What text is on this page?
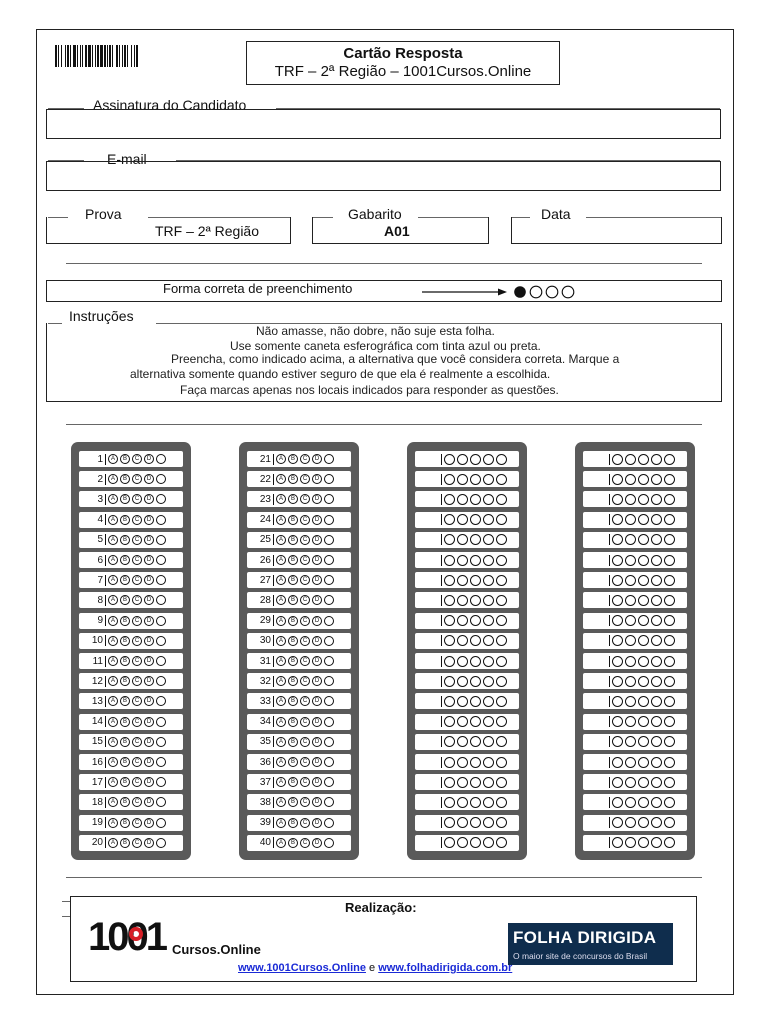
Cartão Resposta
TRF – 2ª Região – 1001Cursos.Online
Assinatura do Candidato
E-mail
Prova
TRF – 2ª Região
Gabarito
A01
Data
Forma correta de preenchimento
Instruções
Não amasse, não dobre, não suje esta folha.
Use somente caneta esferográfica com tinta azul ou preta.
Preencha, como indicado acima, a alternativa que você considera correta. Marque a
alternativa somente quando estiver seguro de que ela é realmente a escolhida.
Faça marcas apenas nos locais indicados para responder as questões.
1	A	B	C	D
2	A	B	C	D
3	A	B	C	D
4	A	B	C	D
5	A	B	C	D
6	A	B	C	D
7	A	B	C	D
8	A	B	C	D
9	A	B	C	D
10	A	B	C	D
11	A	B	C	D
12	A	B	C	D
13	A	B	C	D
14	A	B	C	D
15	A	B	C	D
16	A	B	C	D
17	A	B	C	D
18	A	B	C	D
19	A	B	C	D
20	A	B	C	D
21	A	B	C	D
22	A	B	C	D
23	A	B	C	D
24	A	B	C	D
25	A	B	C	D
26	A	B	C	D
27	A	B	C	D
28	A	B	C	D
29	A	B	C	D
30	A	B	C	D
31	A	B	C	D
32	A	B	C	D
33	A	B	C	D
34	A	B	C	D
35	A	B	C	D
36	A	B	C	D
37	A	B	C	D
38	A	B	C	D
39	A	B	C	D
40	A	B	C	D
Realização:
1001 Cursos.Online
FOLHA DIRIGIDA
O maior site de concursos do Brasil
www.1001Cursos.Online e www.folhadirigida.com.br
